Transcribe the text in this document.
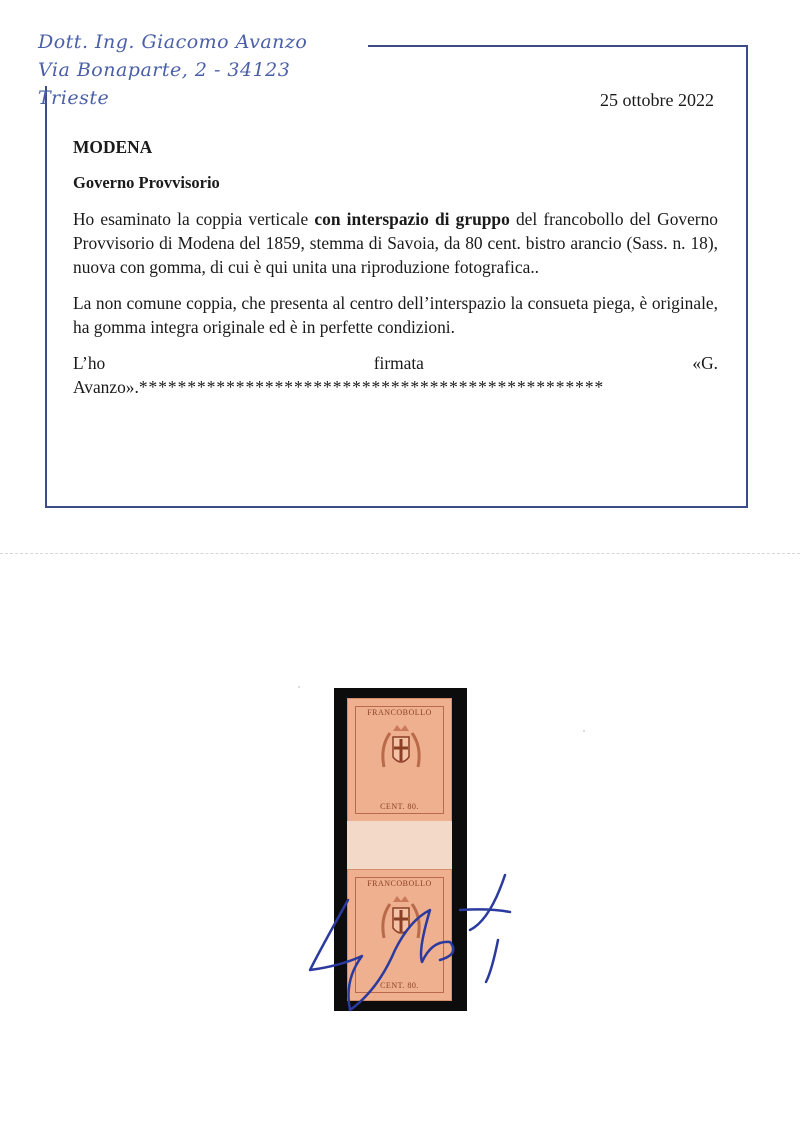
Dott. Ing. Giacomo Avanzo
Via Bonaparte, 2 - 34123 Trieste	25 ottobre 2022

MODENA

Governo Provvisorio

Ho esaminato la coppia verticale con interspazio di gruppo del francobollo del Governo Provvisorio di Modena del 1859, stemma di Savoia, da 80 cent. bistro arancio (Sass. n. 18), nuova con gomma, di cui è qui unita una riproduzione fotografica..

La non comune coppia, che presenta al centro dell’interspazio la consueta piega, è originale, ha gomma integra originale ed è in perfette condizioni.

L’ho firmata «G. Avanzo».************************************************

FRANCOBOLLO
CENT. 80.
FRANCOBOLLO
CENT. 80.
